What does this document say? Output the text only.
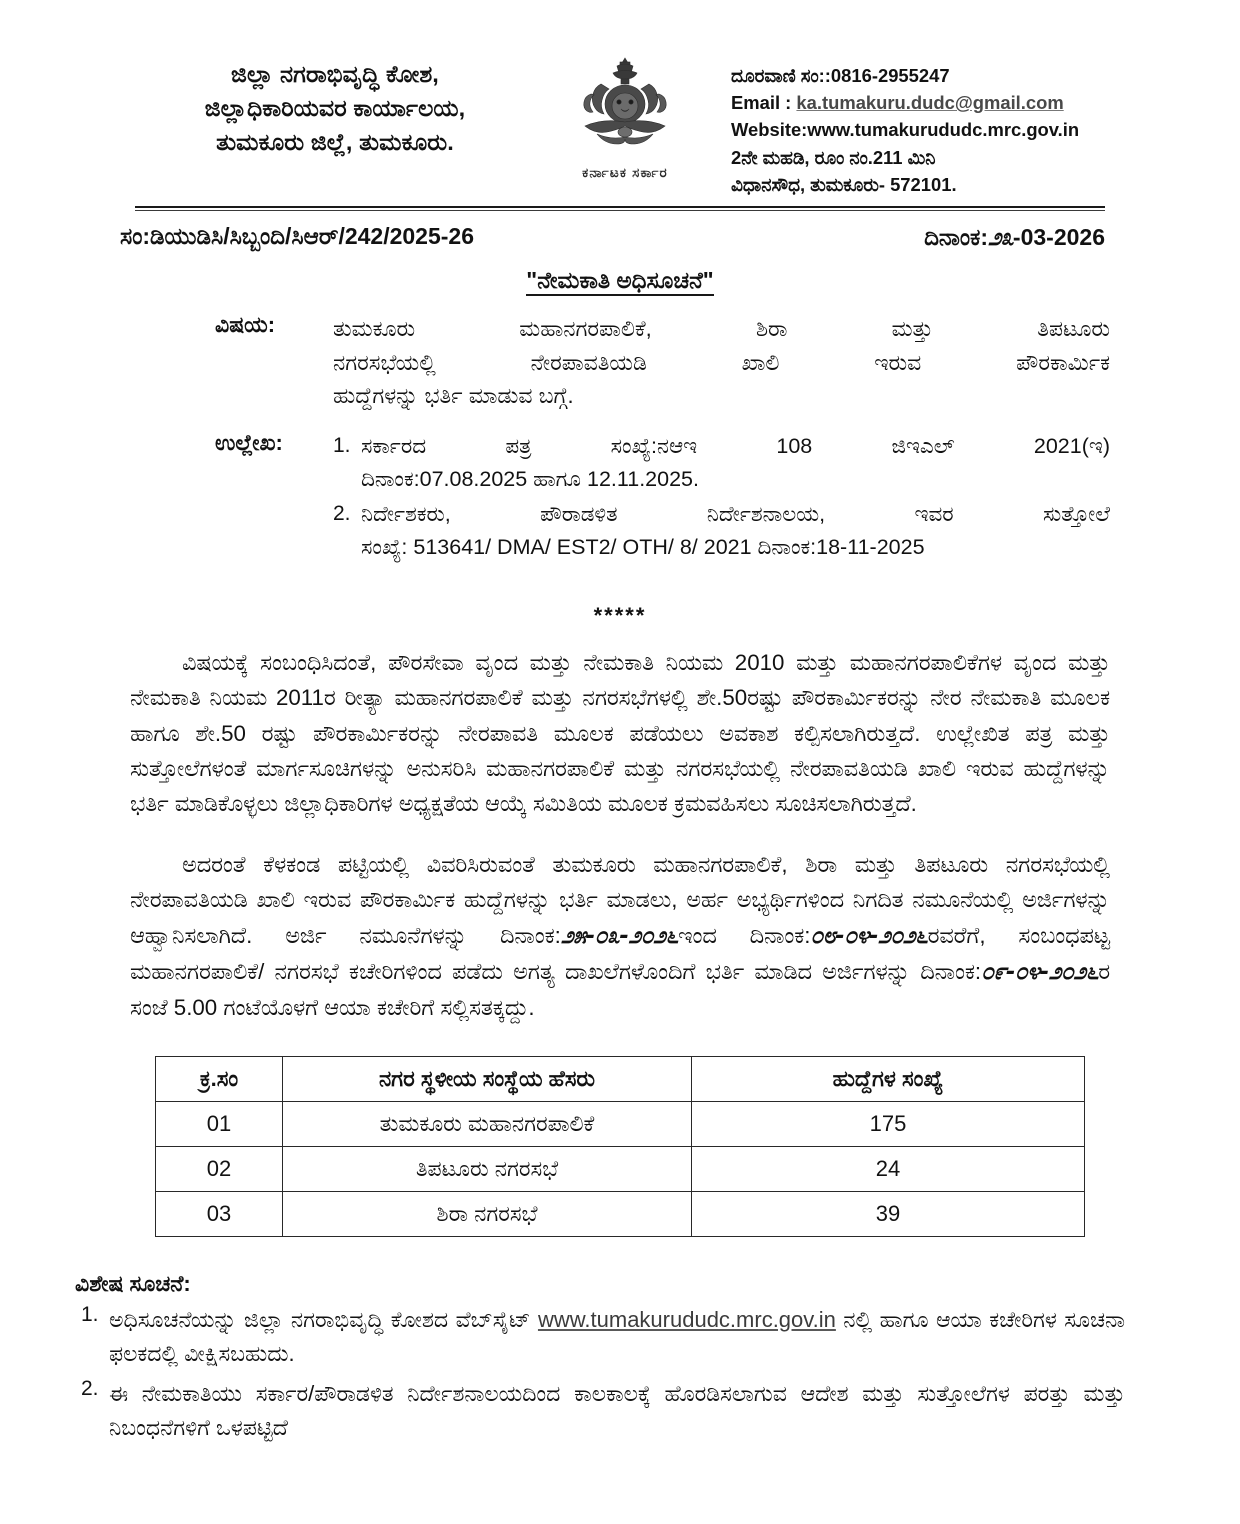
ಜಿಲ್ಲಾ ನಗರಾಭಿವೃದ್ಧಿ ಕೋಶ,
ಜಿಲ್ಲಾಧಿಕಾರಿಯವರ ಕಾರ್ಯಾಲಯ,
ತುಮಕೂರು ಜಿಲ್ಲೆ, ತುಮಕೂರು.
ಕರ್ನಾಟಕ ಸರ್ಕಾರ
ದೂರವಾಣಿ ಸಂ::0816-2955247
Email : ka.tumakuru.dudc@gmail.com
Website:www.tumakurududc.mrc.gov.in
2ನೇ ಮಹಡಿ, ರೂಂ ನಂ.211 ಮಿನಿ
ವಿಧಾನಸೌಧ, ತುಮಕೂರು- 572101.
ಸಂ:ಡಿಯುಡಿಸಿ/ಸಿಬ್ಬಂದಿ/ಸಿಆರ್/242/2025-26	ದಿನಾಂಕ:೨೩-03-2026
"ನೇಮಕಾತಿ ಅಧಿಸೂಚನೆ"
ವಿಷಯ:	ತುಮಕೂರು ಮಹಾನಗರಪಾಲಿಕೆ, ಶಿರಾ ಮತ್ತು ತಿಪಟೂರು
ನಗರಸಭೆಯಲ್ಲಿ ನೇರಪಾವತಿಯಡಿ ಖಾಲಿ ಇರುವ ಪೌರಕಾರ್ಮಿಕ
ಹುದ್ದೆಗಳನ್ನು ಭರ್ತಿ ಮಾಡುವ ಬಗ್ಗೆ.
ಉಲ್ಲೇಖ:	1. ಸರ್ಕಾರದ ಪತ್ರ ಸಂಖ್ಯೆ:ನಆಇ 108 ಜಿಇಎಲ್ 2021(ಇ)
ದಿನಾಂಕ:07.08.2025 ಹಾಗೂ 12.11.2025.
2. ನಿರ್ದೇಶಕರು, ಪೌರಾಡಳಿತ ನಿರ್ದೇಶನಾಲಯ, ಇವರ ಸುತ್ತೋಲೆ
ಸಂಖ್ಯೆ: 513641/ DMA/ EST2/ OTH/ 8/ 2021 ದಿನಾಂಕ:18-11-2025
*****
ವಿಷಯಕ್ಕೆ ಸಂಬಂಧಿಸಿದಂತೆ, ಪೌರಸೇವಾ ವೃಂದ ಮತ್ತು ನೇಮಕಾತಿ ನಿಯಮ 2010 ಮತ್ತು ಮಹಾನಗರಪಾಲಿಕೆಗಳ ವೃಂದ ಮತ್ತು ನೇಮಕಾತಿ ನಿಯಮ 2011ರ ರೀತ್ಯಾ ಮಹಾನಗರಪಾಲಿಕೆ ಮತ್ತು ನಗರಸಭೆಗಳಲ್ಲಿ ಶೇ.50ರಷ್ಟು ಪೌರಕಾರ್ಮಿಕರನ್ನು ನೇರ ನೇಮಕಾತಿ ಮೂಲಕ ಹಾಗೂ ಶೇ.50 ರಷ್ಟು ಪೌರಕಾರ್ಮಿಕರನ್ನು ನೇರಪಾವತಿ ಮೂಲಕ ಪಡೆಯಲು ಅವಕಾಶ ಕಲ್ಪಿಸಲಾಗಿರುತ್ತದೆ. ಉಲ್ಲೇಖಿತ ಪತ್ರ ಮತ್ತು ಸುತ್ತೋಲೆಗಳಂತೆ ಮಾರ್ಗಸೂಚಿಗಳನ್ನು ಅನುಸರಿಸಿ ಮಹಾನಗರಪಾಲಿಕೆ ಮತ್ತು ನಗರಸಭೆಯಲ್ಲಿ ನೇರಪಾವತಿಯಡಿ ಖಾಲಿ ಇರುವ ಹುದ್ದೆಗಳನ್ನು ಭರ್ತಿ ಮಾಡಿಕೊಳ್ಳಲು ಜಿಲ್ಲಾಧಿಕಾರಿಗಳ ಅಧ್ಯಕ್ಷತೆಯ ಆಯ್ಕೆ ಸಮಿತಿಯ ಮೂಲಕ ಕ್ರಮವಹಿಸಲು ಸೂಚಿಸಲಾಗಿರುತ್ತದೆ.
ಅದರಂತೆ ಕೆಳಕಂಡ ಪಟ್ಟಿಯಲ್ಲಿ ವಿವರಿಸಿರುವಂತೆ ತುಮಕೂರು ಮಹಾನಗರಪಾಲಿಕೆ, ಶಿರಾ ಮತ್ತು ತಿಪಟೂರು ನಗರಸಭೆಯಲ್ಲಿ ನೇರಪಾವತಿಯಡಿ ಖಾಲಿ ಇರುವ ಪೌರಕಾರ್ಮಿಕ ಹುದ್ದೆಗಳನ್ನು ಭರ್ತಿ ಮಾಡಲು, ಅರ್ಹ ಅಭ್ಯರ್ಥಿಗಳಿಂದ ನಿಗದಿತ ನಮೂನೆಯಲ್ಲಿ ಅರ್ಜಿಗಳನ್ನು ಆಹ್ವಾನಿಸಲಾಗಿದೆ. ಅರ್ಜಿ ನಮೂನೆಗಳನ್ನು ದಿನಾಂಕ:೨೫-೦೩-೨೦೨೬ಇಂದ ದಿನಾಂಕ:೦೮-೦೪-೨೦೨೬ರವರೆಗೆ, ಸಂಬಂಧಪಟ್ಟ ಮಹಾನಗರಪಾಲಿಕೆ/ ನಗರಸಭೆ ಕಚೇರಿಗಳಿಂದ ಪಡೆದು ಅಗತ್ಯ ದಾಖಲೆಗಳೊಂದಿಗೆ ಭರ್ತಿ ಮಾಡಿದ ಅರ್ಜಿಗಳನ್ನು ದಿನಾಂಕ:೦೯-೦೪-೨೦೨೬ರ ಸಂಜೆ 5.00 ಗಂಟೆಯೊಳಗೆ ಆಯಾ ಕಚೇರಿಗೆ ಸಲ್ಲಿಸತಕ್ಕದ್ದು.
ಕ್ರ.ಸಂ	ನಗರ ಸ್ಥಳೀಯ ಸಂಸ್ಥೆಯ ಹೆಸರು	ಹುದ್ದೆಗಳ ಸಂಖ್ಯೆ
01	ತುಮಕೂರು ಮಹಾನಗರಪಾಲಿಕೆ	175
02	ತಿಪಟೂರು ನಗರಸಭೆ	24
03	ಶಿರಾ ನಗರಸಭೆ	39
ವಿಶೇಷ ಸೂಚನೆ:
1. ಅಧಿಸೂಚನೆಯನ್ನು ಜಿಲ್ಲಾ ನಗರಾಭಿವೃದ್ಧಿ ಕೋಶದ ವೆಬ್‌ಸೈಟ್ www.tumakurududc.mrc.gov.in ನಲ್ಲಿ ಹಾಗೂ ಆಯಾ ಕಚೇರಿಗಳ ಸೂಚನಾ ಫಲಕದಲ್ಲಿ ವೀಕ್ಷಿಸಬಹುದು.
2. ಈ ನೇಮಕಾತಿಯು ಸರ್ಕಾರ/ಪೌರಾಡಳಿತ ನಿರ್ದೇಶನಾಲಯದಿಂದ ಕಾಲಕಾಲಕ್ಕೆ ಹೊರಡಿಸಲಾಗುವ ಆದೇಶ ಮತ್ತು ಸುತ್ತೋಲೆಗಳ ಪರತ್ತು ಮತ್ತು ನಿಬಂಧನೆಗಳಿಗೆ ಒಳಪಟ್ಟಿದೆ
